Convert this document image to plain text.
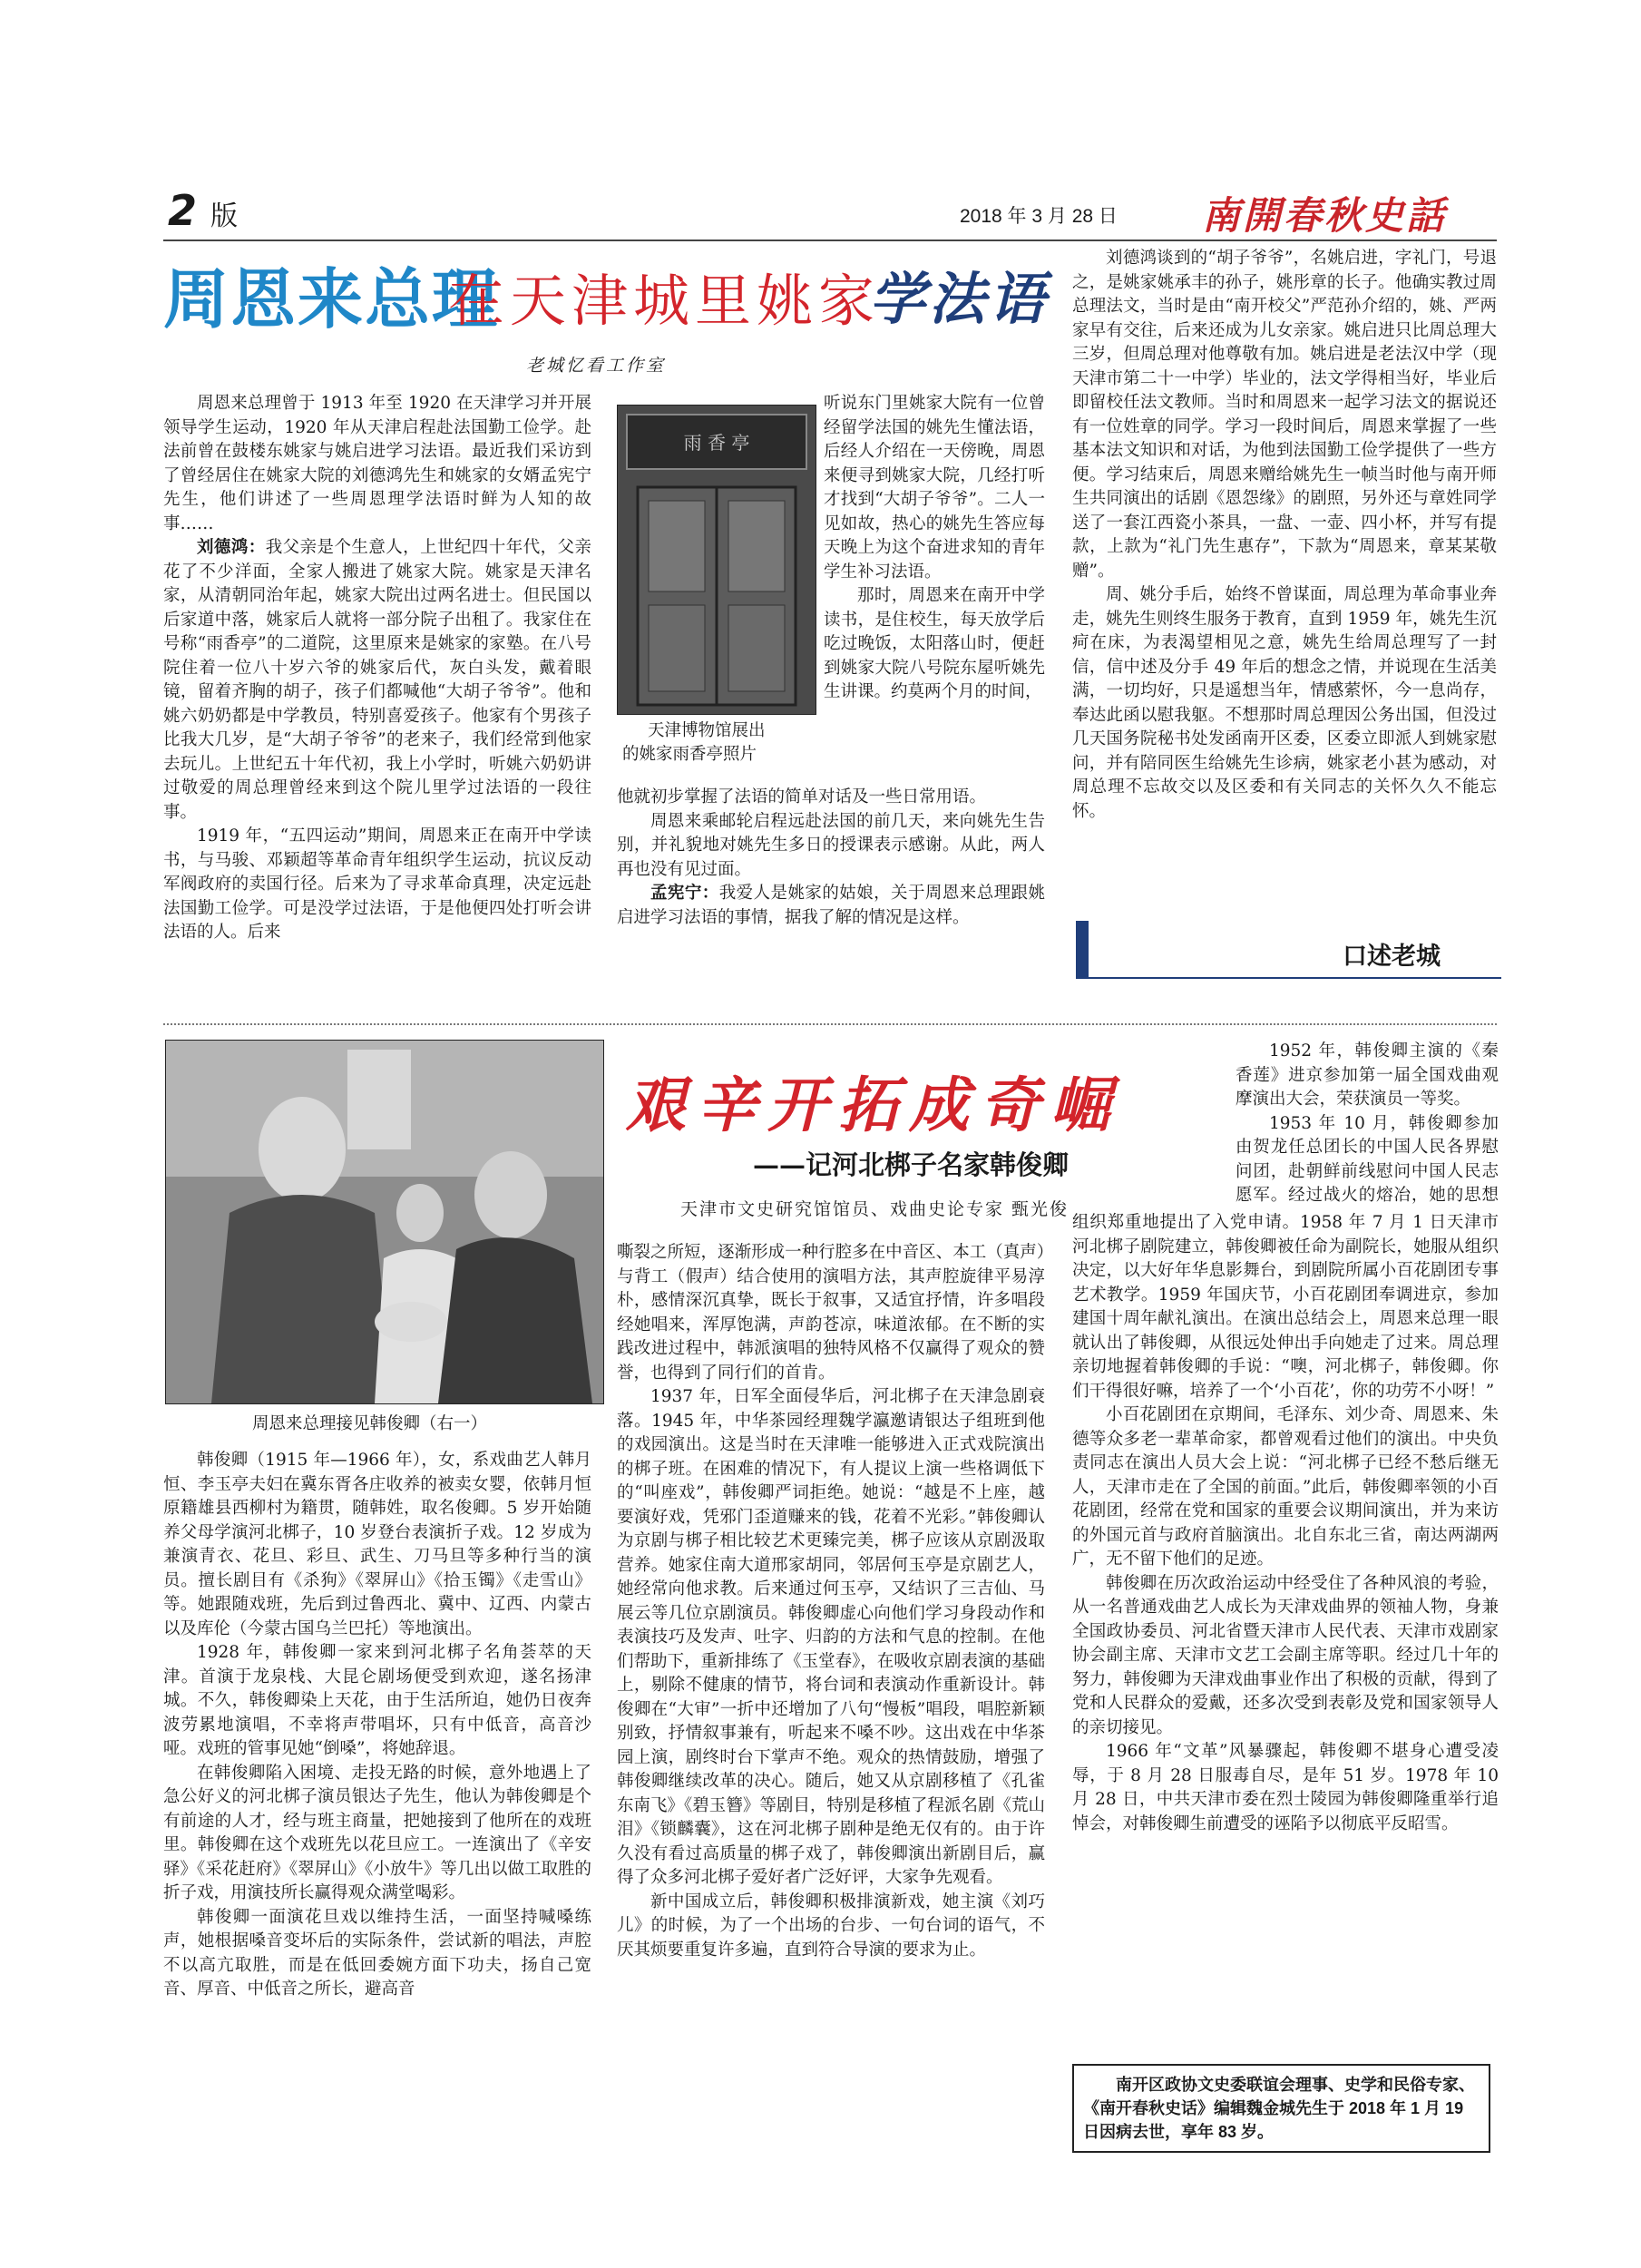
2 版	2018 年 3 月 28 日 南開春秋史話
周恩来总理
在天津城里姚家
学法语
老城忆看工作室

周恩来总理曾于 1913 年至 1920 在天津学习并开展领导学生运动，1920 年从天津启程赴法国勤工俭学。赴法前曾在鼓楼东姚家与姚启进学习法语。最近我们采访到了曾经居住在姚家大院的刘德鸿先生和姚家的女婿孟宪宁先生，他们讲述了一些周恩理学法语时鲜为人知的故事……

刘德鸿：我父亲是个生意人，上世纪四十年代，父亲花了不少洋面，全家人搬进了姚家大院。姚家是天津名家，从清朝同治年起，姚家大院出过两名进士。但民国以后家道中落，姚家后人就将一部分院子出租了。我家住在号称“雨香亭”的二道院，这里原来是姚家的家塾。在八号院住着一位八十岁六爷的姚家后代，灰白头发，戴着眼镜，留着齐胸的胡子，孩子们都喊他“大胡子爷爷”。他和姚六奶奶都是中学教员，特别喜爱孩子。他家有个男孩子比我大几岁，是“大胡子爷爷”的老来子，我们经常到他家去玩儿。上世纪五十年代初，我上小学时，听姚六奶奶讲过敬爱的周总理曾经来到这个院儿里学过法语的一段往事。

1919 年，“五四运动”期间，周恩来正在南开中学读书，与马骏、邓颖超等革命青年组织学生运动，抗议反动军阀政府的卖国行径。后来为了寻求革命真理，决定远赴法国勤工俭学。可是没学过法语，于是他便四处打听会讲法语的人。后来

雨 香 亭
天津博物馆展出
的姚家雨香亭照片

听说东门里姚家大院有一位曾经留学法国的姚先生懂法语，后经人介绍在一天傍晚，周恩来便寻到姚家大院，几经打听才找到“大胡子爷爷”。二人一见如故，热心的姚先生答应每天晚上为这个奋进求知的青年学生补习法语。

那时，周恩来在南开中学读书，是住校生，每天放学后吃过晚饭，太阳落山时，便赶到姚家大院八号院东屋听姚先生讲课。约莫两个月的时间，

他就初步掌握了法语的简单对话及一些日常用语。

周恩来乘邮轮启程远赴法国的前几天，来向姚先生告别，并礼貌地对姚先生多日的授课表示感谢。从此，两人再也没有见过面。

孟宪宁：我爱人是姚家的姑娘，关于周恩来总理跟姚启进学习法语的事情，据我了解的情况是这样。

刘德鸿谈到的“胡子爷爷”，名姚启进，字礼门，号退之，是姚家姚承丰的孙子，姚彤章的长子。他确实教过周总理法文，当时是由“南开校父”严范孙介绍的，姚、严两家早有交往，后来还成为儿女亲家。姚启进只比周总理大三岁，但周总理对他尊敬有加。姚启进是老法汉中学（现天津市第二十一中学）毕业的，法文学得相当好，毕业后即留校任法文教师。当时和周恩来一起学习法文的据说还有一位姓章的同学。学习一段时间后，周恩来掌握了一些基本法文知识和对话，为他到法国勤工俭学提供了一些方便。学习结束后，周恩来赠给姚先生一帧当时他与南开师生共同演出的话剧《恩怨缘》的剧照，另外还与章姓同学送了一套江西瓷小茶具，一盘、一壶、四小杯，并写有提款，上款为“礼门先生惠存”，下款为“周恩来，章某某敬赠”。

周、姚分手后，始终不曾谋面，周总理为革命事业奔走，姚先生则终生服务于教育，直到 1959 年，姚先生沉疴在床，为表渴望相见之意，姚先生给周总理写了一封信，信中述及分手 49 年后的想念之情，并说现在生活美满，一切均好，只是遥想当年，情感萦怀，今一息尚存，奉达此函以慰我躯。不想那时周总理因公务出国，但没过几天国务院秘书处发函南开区委，区委立即派人到姚家慰问，并有陪同医生给姚先生诊病，姚家老小甚为感动，对周总理不忘故交以及区委和有关同志的关怀久久不能忘怀。

口述老城
周恩来总理接见韩俊卿（右一）
艰辛开拓成奇崛
——记河北梆子名家韩俊卿
天津市文史研究馆馆员、戏曲史论专家 甄光俊

韩俊卿（1915 年—1966 年），女，系戏曲艺人韩月恒、李玉亭夫妇在冀东胥各庄收养的被卖女婴，依韩月恒原籍雄县西柳村为籍贯，随韩姓，取名俊卿。5 岁开始随养父母学演河北梆子，10 岁登台表演折子戏。12 岁成为兼演青衣、花旦、彩旦、武生、刀马旦等多种行当的演员。擅长剧目有《杀狗》《翠屏山》《拾玉镯》《走雪山》等。她跟随戏班，先后到过鲁西北、冀中、辽西、内蒙古以及库伦（今蒙古国乌兰巴托）等地演出。

1928 年，韩俊卿一家来到河北梆子名角荟萃的天津。首演于龙泉栈、大昆仑剧场便受到欢迎，遂名扬津城。不久，韩俊卿染上天花，由于生活所迫，她仍日夜奔波劳累地演唱，不幸将声带唱坏，只有中低音，高音沙哑。戏班的管事见她“倒嗓”，将她辞退。

在韩俊卿陷入困境、走投无路的时候，意外地遇上了急公好义的河北梆子演员银达子先生，他认为韩俊卿是个有前途的人才，经与班主商量，把她接到了他所在的戏班里。韩俊卿在这个戏班先以花旦应工。一连演出了《辛安驿》《采花赶府》《翠屏山》《小放牛》等几出以做工取胜的折子戏，用演技所长赢得观众满堂喝彩。

韩俊卿一面演花旦戏以维持生活，一面坚持喊嗓练声，她根据嗓音变坏后的实际条件，尝试新的唱法，声腔不以高亢取胜，而是在低回委婉方面下功夫，扬自己宽音、厚音、中低音之所长，避高音

嘶裂之所短，逐渐形成一种行腔多在中音区、本工（真声）与背工（假声）结合使用的演唱方法，其声腔旋律平易淳朴，感情深沉真挚，既长于叙事，又适宜抒情，许多唱段经她唱来，浑厚饱满，声韵苍凉，味道浓郁。在不断的实践改进过程中，韩派演唱的独特风格不仅赢得了观众的赞誉，也得到了同行们的首肯。

1937 年，日军全面侵华后，河北梆子在天津急剧衰落。1945 年，中华茶园经理魏学瀛邀请银达子组班到他的戏园演出。这是当时在天津唯一能够进入正式戏院演出的梆子班。在困难的情况下，有人提议上演一些格调低下的“叫座戏”，韩俊卿严词拒绝。她说：“越是不上座，越要演好戏，凭邪门歪道赚来的钱，花着不光彩。”韩俊卿认为京剧与梆子相比较艺术更臻完美，梆子应该从京剧汲取营养。她家住南大道邢家胡同，邻居何玉亭是京剧艺人，她经常向他求教。后来通过何玉亭，又结识了三吉仙、马展云等几位京剧演员。韩俊卿虚心向他们学习身段动作和表演技巧及发声、吐字、归韵的方法和气息的控制。在他们帮助下，重新排练了《玉堂春》，在吸收京剧表演的基础上，剔除不健康的情节，将台词和表演动作重新设计。韩俊卿在“大审”一折中还增加了八句“慢板”唱段，唱腔新颖别致，抒情叙事兼有，听起来不嗓不吵。这出戏在中华茶园上演，剧终时台下掌声不绝。观众的热情鼓励，增强了韩俊卿继续改革的决心。随后，她又从京剧移植了《孔雀东南飞》《碧玉簪》等剧目，特别是移植了程派名剧《荒山泪》《锁麟囊》，这在河北梆子剧种是绝无仅有的。由于许久没有看过高质量的梆子戏了，韩俊卿演出新剧目后，赢得了众多河北梆子爱好者广泛好评，大家争先观看。

新中国成立后，韩俊卿积极排演新戏，她主演《刘巧儿》的时候，为了一个出场的台步、一句台词的语气，不厌其烦要重复许多遍，直到符合导演的要求为止。

1952 年，韩俊卿主演的《秦香莲》进京参加第一届全国戏曲观摩演出大会，荣获演员一等奖。

1953 年 10 月，韩俊卿参加由贺龙任总团长的中国人民各界慰问团，赴朝鲜前线慰问中国人民志愿军。经过战火的熔冶，她的思想

组织郑重地提出了入党申请。1958 年 7 月 1 日天津市河北梆子剧院建立，韩俊卿被任命为副院长，她服从组织决定，以大好年华息影舞台，到剧院所属小百花剧团专事艺术教学。1959 年国庆节，小百花剧团奉调进京，参加建国十周年献礼演出。在演出总结会上，周恩来总理一眼就认出了韩俊卿，从很远处伸出手向她走了过来。周总理亲切地握着韩俊卿的手说：“噢，河北梆子，韩俊卿。你们干得很好嘛，培养了一个‘小百花’，你的功劳不小呀！”

小百花剧团在京期间，毛泽东、刘少奇、周恩来、朱德等众多老一辈革命家，都曾观看过他们的演出。中央负责同志在演出人员大会上说：“河北梆子已经不愁后继无人，天津市走在了全国的前面。”此后，韩俊卿率领的小百花剧团，经常在党和国家的重要会议期间演出，并为来访的外国元首与政府首脑演出。北自东北三省，南达两湖两广，无不留下他们的足迹。

韩俊卿在历次政治运动中经受住了各种风浪的考验，从一名普通戏曲艺人成长为天津戏曲界的领袖人物，身兼全国政协委员、河北省暨天津市人民代表、天津市戏剧家协会副主席、天津市文艺工会副主席等职。经过几十年的努力，韩俊卿为天津戏曲事业作出了积极的贡献，得到了党和人民群众的爱戴，还多次受到表彰及党和国家领导人的亲切接见。

1966 年“文革”风暴骤起，韩俊卿不堪身心遭受凌辱，于 8 月 28 日服毒自尽，是年 51 岁。1978 年 10 月 28 日，中共天津市委在烈士陵园为韩俊卿隆重举行追悼会，对韩俊卿生前遭受的诬陷予以彻底平反昭雪。

南开区政协文史委联谊会理事、史学和民俗专家、《南开春秋史话》编辑魏金城先生于 2018 年 1 月 19 日因病去世，享年 83 岁。
